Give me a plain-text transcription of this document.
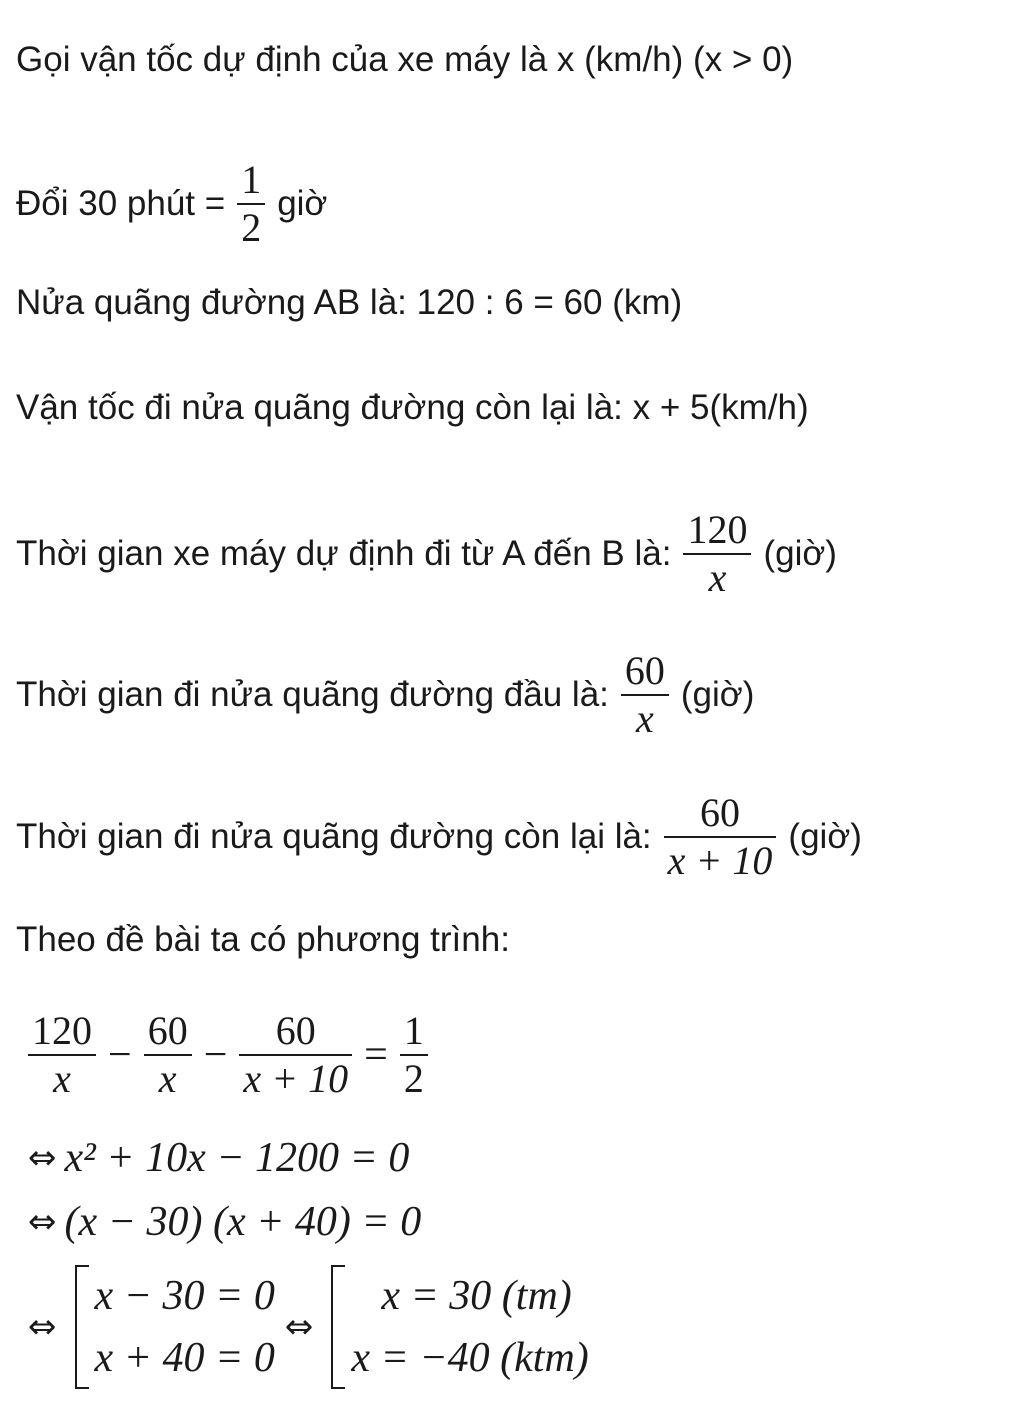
Gọi vận tốc dự định của xe máy là x (km/h) (x > 0)
Đổi 30 phút = $\frac{1}{2}$ giờ
Nửa quãng đường AB là: 120 : 6 = 60 (km)
Vận tốc đi nửa quãng đường còn lại là: x + 5(km/h)
Thời gian xe máy dự định đi từ A đến B là: $\frac{120}{x}$ (giờ)
Thời gian đi nửa quãng đường đầu là: $\frac{60}{x}$ (giờ)
Thời gian đi nửa quãng đường còn lại là: $\frac{60}{x + 10}$ (giờ)
Theo đề bài ta có phương trình:
$\frac{120}{x} - \frac{60}{x} - \frac{60}{x + 10} = \frac{1}{2}$
⇔ x² + 10x − 1200 = 0
⇔ (x − 30) (x + 40) = 0
⇔
x − 30 = 0
x + 40 = 0
⇔
x = 30 (tm)
x = −40 (ktm)
